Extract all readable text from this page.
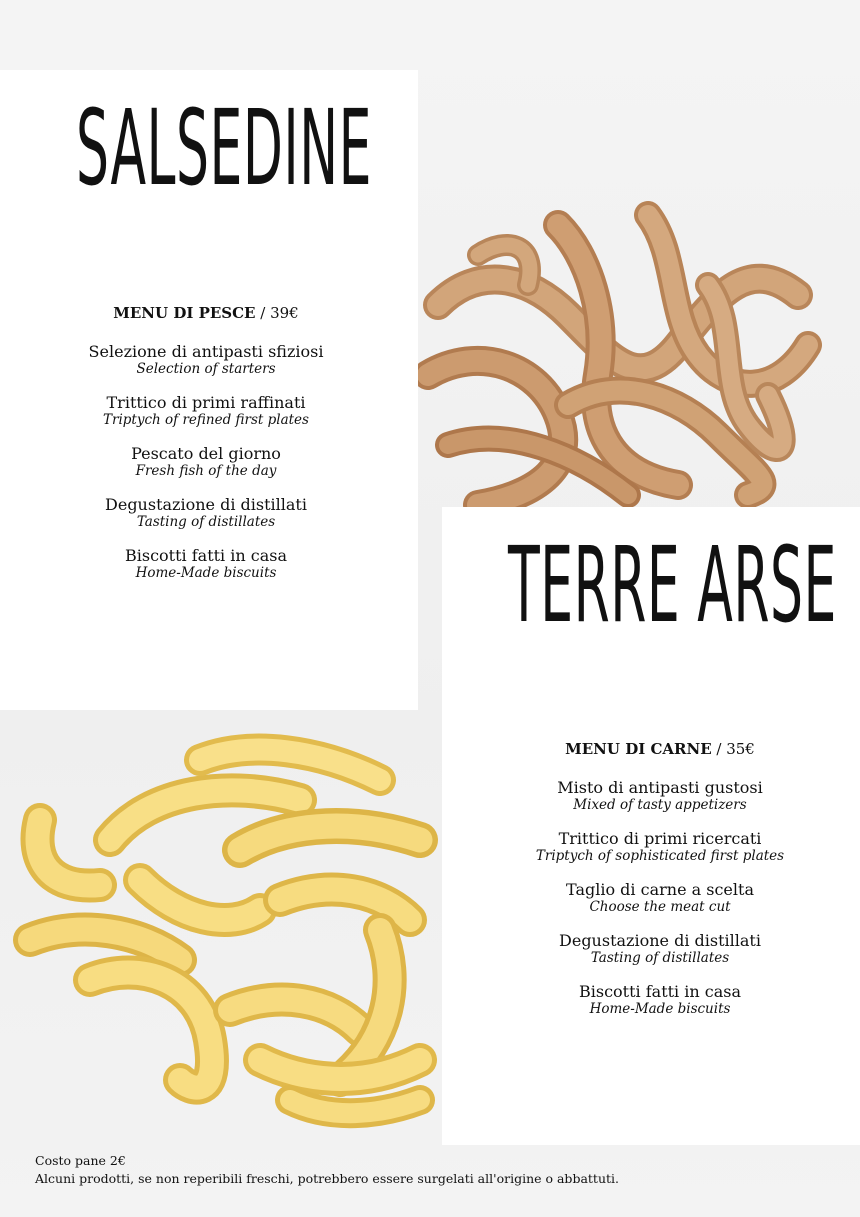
SALSEDINE
MENU DI PESCE / 39€
Selezione di antipasti sfiziosi
Selection of starters
Trittico di primi raffinati
Triptych of refined first plates
Pescato del giorno
Fresh fish of the day
Degustazione di distillati
Tasting of distillates
Biscotti fatti in casa
Home-Made biscuits	TERRE ARSE
MENU DI CARNE / 35€
Misto di antipasti gustosi
Mixed of tasty appetizers
Trittico di primi ricercati
Triptych of sophisticated first plates
Taglio di carne a scelta
Choose the meat cut
Degustazione di distillati
Tasting of distillates
Biscotti fatti in casa
Home-Made biscuits
Costo pane 2€
Alcuni prodotti, se non reperibili freschi, potrebbero essere surgelati all'origine o abbattuti.
